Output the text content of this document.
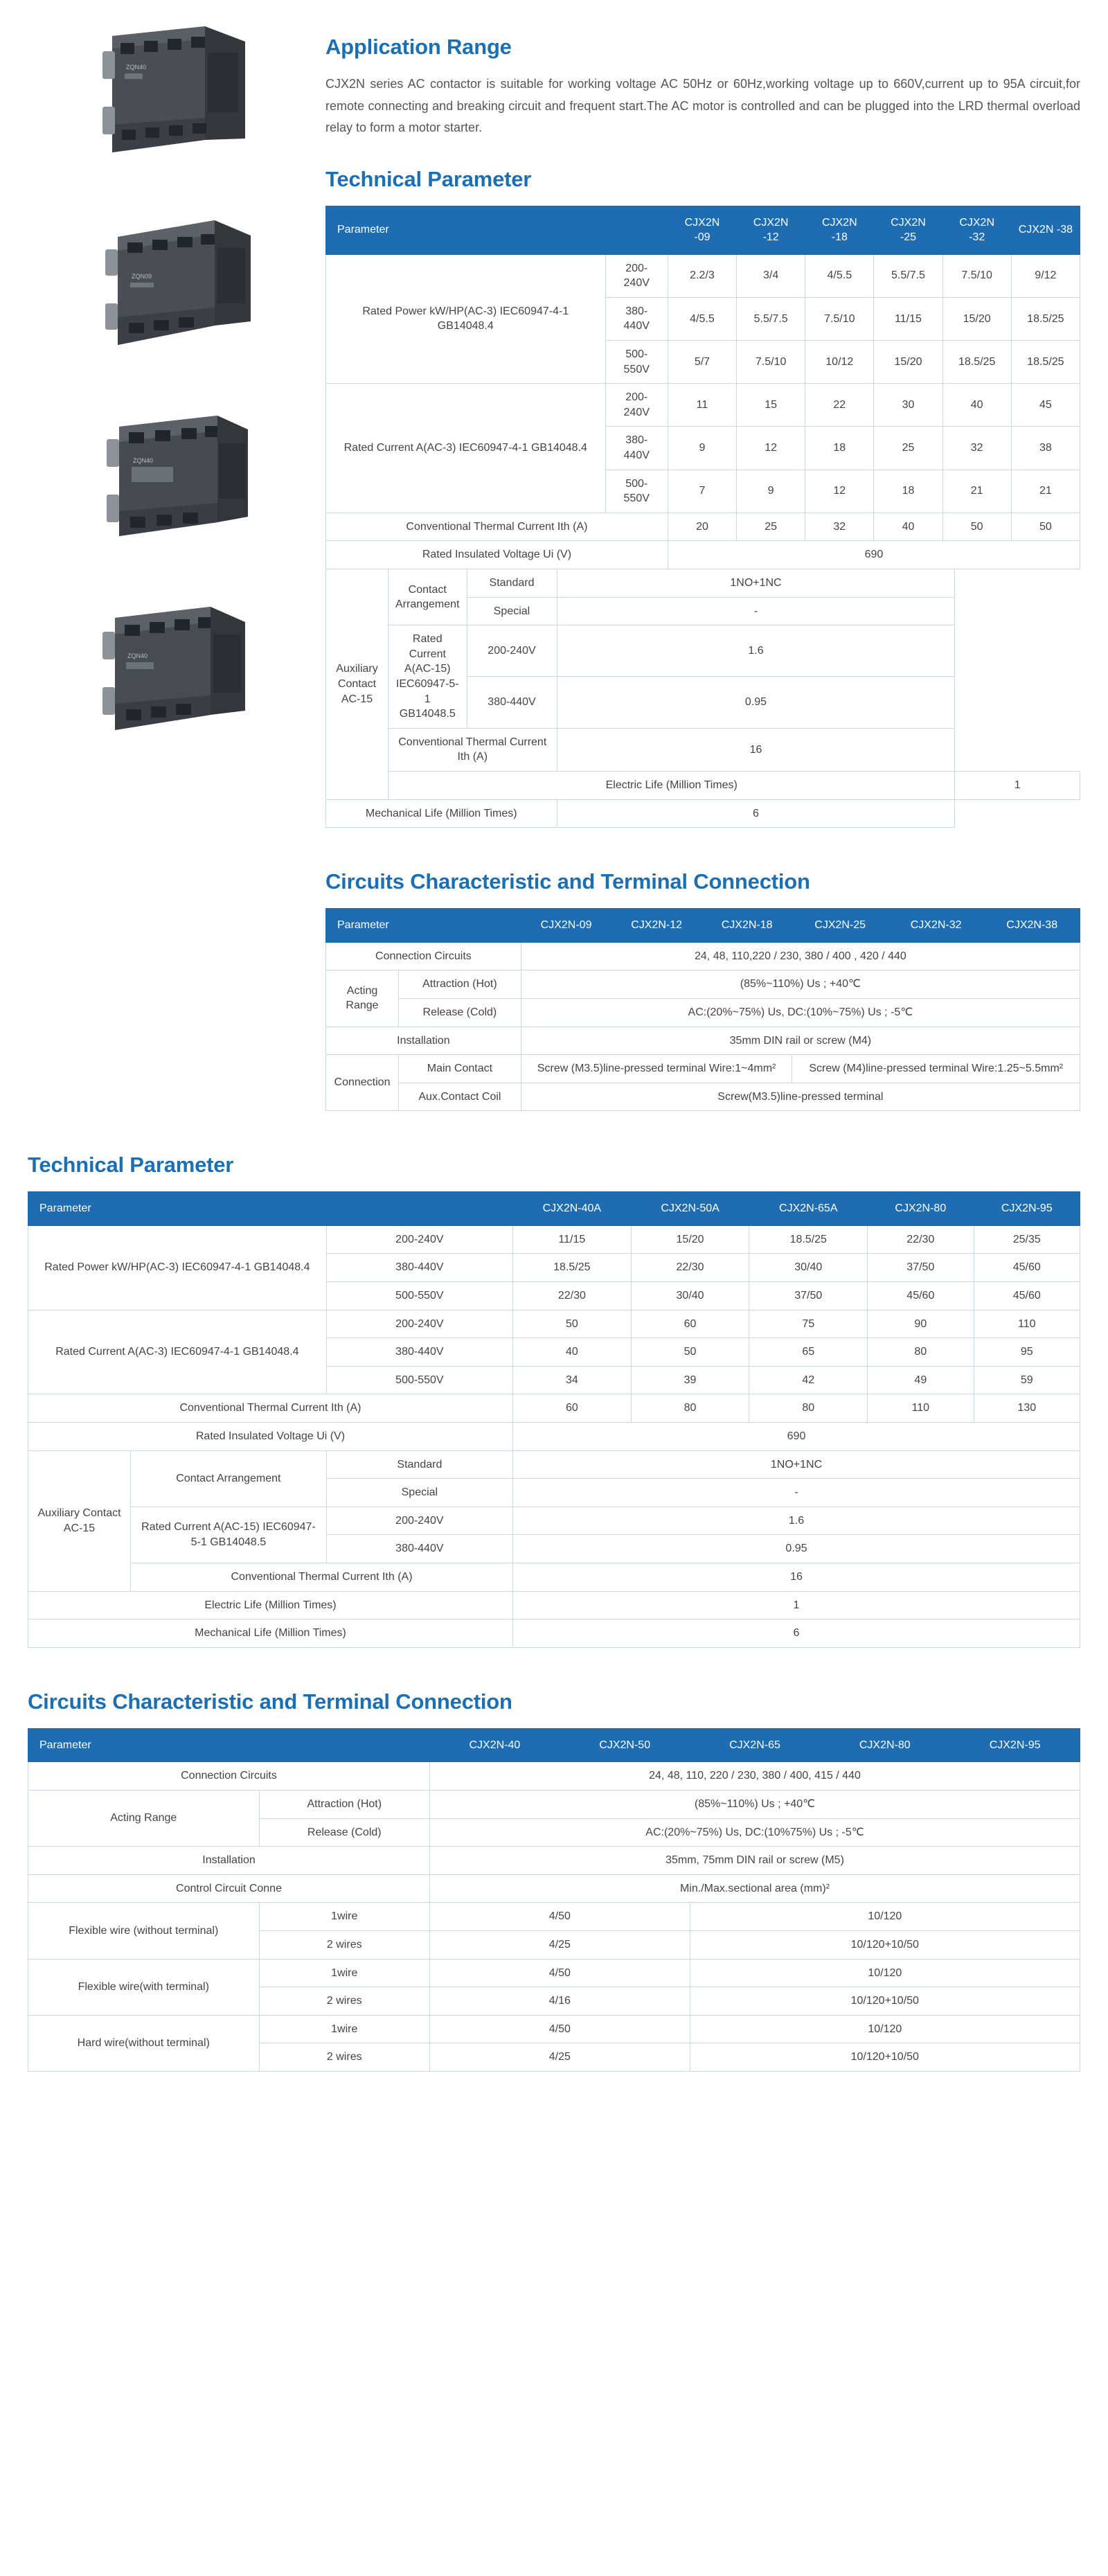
ZQN40
ZQN09
ZQN40
ZQN40
Application Range

CJX2N series AC contactor is suitable for working voltage AC 50Hz or 60Hz,working voltage up to 660V,current up to 95A circuit,for remote connecting and breaking circuit and frequent start.The AC motor is controlled and can be plugged into the LRD thermal overload relay to form a motor starter.

Technical Parameter
Parameter		CJX2N -09	CJX2N -12	CJX2N -18	CJX2N -25	CJX2N -32	CJX2N -38
Rated Power kW/HP(AC-3) IEC60947-4-1 GB14048.4	200-240V	2.2/3	3/4	4/5.5	5.5/7.5	7.5/10	9/12
	380-440V	4/5.5	5.5/7.5	7.5/10	11/15	15/20	18.5/25
	500-550V	5/7	7.5/10	10/12	15/20	18.5/25	18.5/25
Rated Current A(AC-3) IEC60947-4-1 GB14048.4	200-240V	11	15	22	30	40	45
	380-440V	9	12	18	25	32	38
	500-550V	7	9	12	18	21	21
Conventional Thermal Current Ith (A)		20	25	32	40	50	50
Rated Insulated Voltage Ui (V)		690					
Auxiliary Contact AC-15	Contact Arrangement	Standard	1NO+1NC	
		Special	-	
	Rated Current A(AC-15) IEC60947-5-1 GB14048.5	200-240V	1.6	
		380-440V	0.95	
	Conventional Thermal Current Ith (A)		16	
	Electric Life (Million Times)			1
Mechanical Life (Million Times)			6	
Circuits Characteristic and Terminal Connection
Parameter		CJX2N-09	CJX2N-12	CJX2N-18	CJX2N-25	CJX2N-32	CJX2N-38
Connection Circuits		24, 48, 110,220 / 230, 380 / 400 , 420 / 440					
Acting Range	Attraction (Hot)	(85%~110%) Us ; +40℃					
	Release (Cold)	AC:(20%~75%) Us, DC:(10%~75%) Us ; -5℃					
Installation		35mm DIN rail or screw (M4)					
Connection	Main Contact	Screw (M3.5)line-pressed terminal Wire:1~4mm²			Screw (M4)line-pressed terminal Wire:1.25~5.5mm²		
	Aux.Contact Coil	Screw(M3.5)line-pressed terminal					
Technical Parameter
Parameter			CJX2N-40A	CJX2N-50A	CJX2N-65A	CJX2N-80	CJX2N-95
Rated Power kW/HP(AC-3) IEC60947-4-1 GB14048.4		200-240V	11/15	15/20	18.5/25	22/30	25/35
		380-440V	18.5/25	22/30	30/40	37/50	45/60
		500-550V	22/30	30/40	37/50	45/60	45/60
Rated Current A(AC-3) IEC60947-4-1 GB14048.4		200-240V	50	60	75	90	110
		380-440V	40	50	65	80	95
		500-550V	34	39	42	49	59
Conventional Thermal Current Ith (A)			60	80	80	110	130
Rated Insulated Voltage Ui (V)			690				
Auxiliary Contact AC-15	Contact Arrangement	Standard	1NO+1NC				
		Special	-				
	Rated Current A(AC-15) IEC60947-5-1 GB14048.5	200-240V	1.6				
		380-440V	0.95				
	Conventional Thermal Current Ith (A)		16				
Electric Life (Million Times)			1				
Mechanical Life (Million Times)			6				
Circuits Characteristic and Terminal Connection
Parameter		CJX2N-40	CJX2N-50	CJX2N-65	CJX2N-80	CJX2N-95
Connection Circuits		24, 48, 110, 220 / 230, 380 / 400, 415 / 440				
Acting Range	Attraction (Hot)	(85%~110%) Us ; +40℃				
	Release (Cold)	AC:(20%~75%) Us, DC:(10%75%) Us ; -5℃				
Installation		35mm, 75mm DIN rail or screw (M5)				
Control Circuit Conne		Min./Max.sectional area (mm)²				
Flexible wire (without terminal)	1wire	4/50		10/120		
	2 wires	4/25		10/120+10/50		
Flexible wire(with terminal)	1wire	4/50		10/120		
	2 wires	4/16		10/120+10/50		
Hard wire(without terminal)	1wire	4/50		10/120		
	2 wires	4/25		10/120+10/50		
